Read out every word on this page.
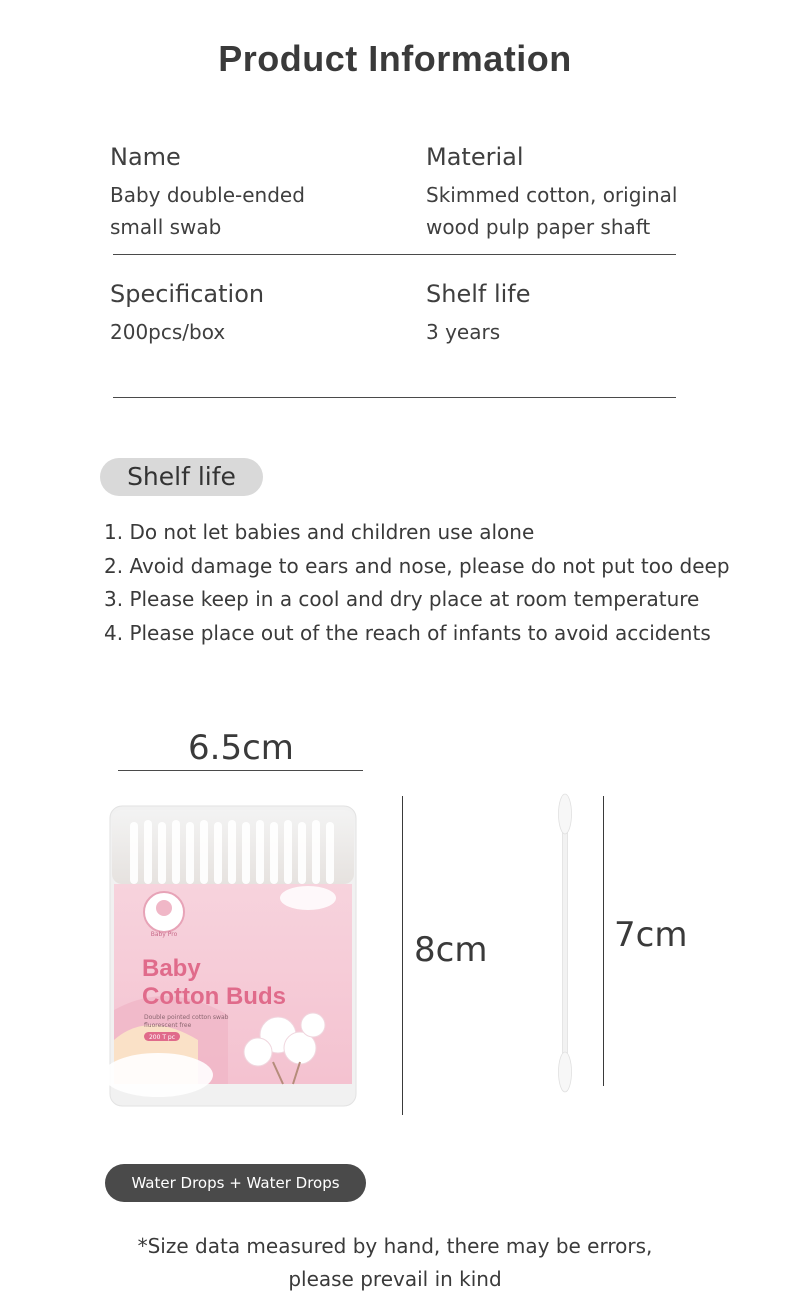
Product Information
Name
Baby double-ended
small swab
Material
Skimmed cotton, original
wood pulp paper shaft
Specification
200pcs/box
Shelf life
3 years
Shelf life
1. Do not let babies and children use alone
2. Avoid damage to ears and nose, please do not put too deep
3. Please keep in a cool and dry place at room temperature
4. Please place out of the reach of infants to avoid accidents
6.5cm
Baby Pro
Baby
Cotton Buds
Double pointed cotton swab
fluorescent free
200 T pc
8cm	7cm
Water Drops + Water Drops
*Size data measured by hand, there may be errors,
please prevail in kind
